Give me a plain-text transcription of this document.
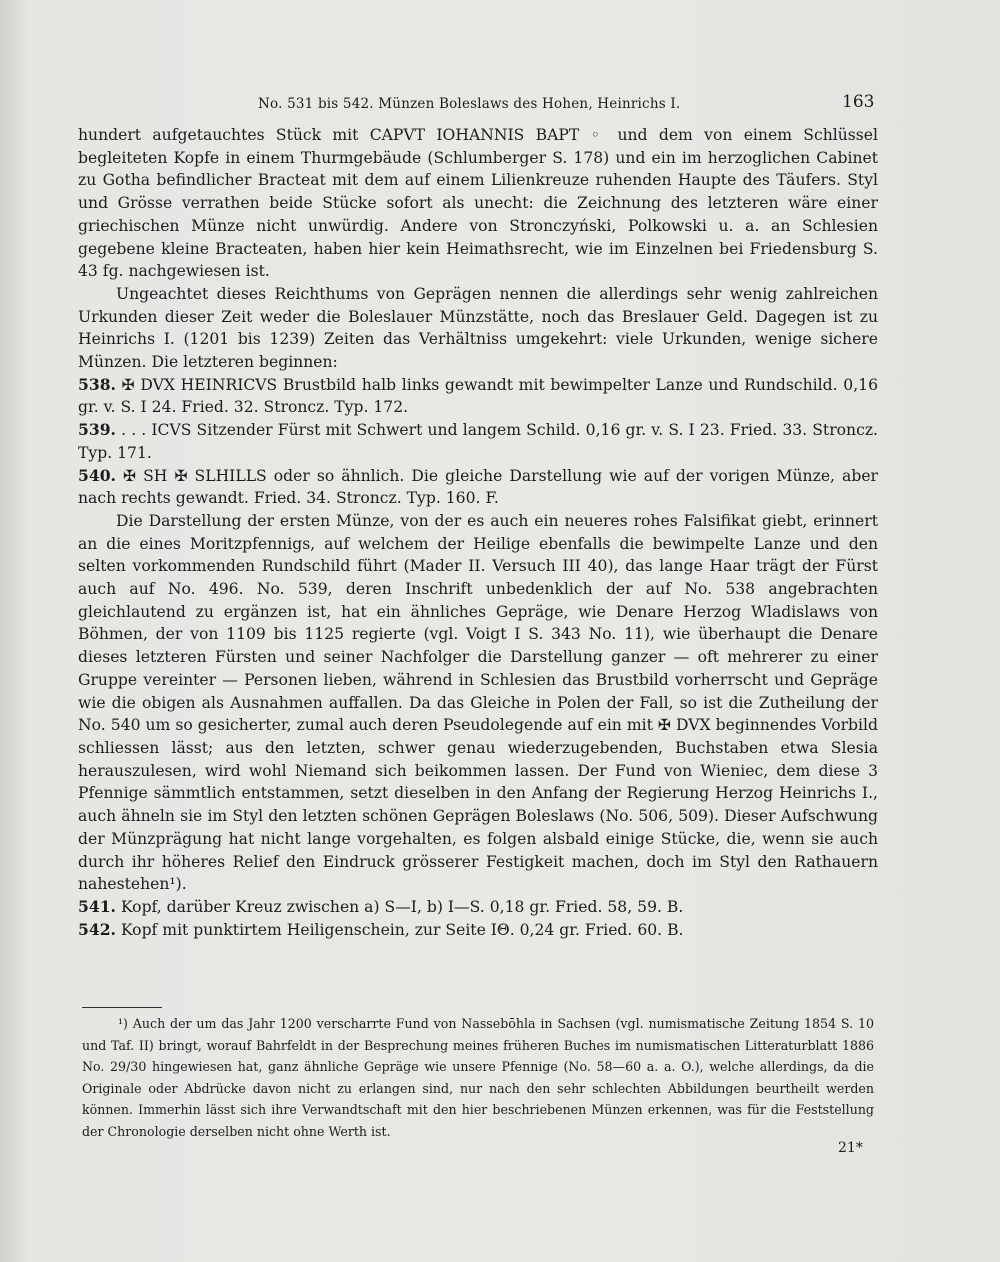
No. 531 bis 542. Münzen Boleslaws des Hohen, Heinrichs I.	163

hundert aufgetauchtes Stück mit CAPVT IOHANNIS BAPT ◦ und dem von einem Schlüssel begleiteten Kopfe in einem Thurmgebäude (Schlumberger S. 178) und ein im herzoglichen Cabinet zu Gotha befindlicher Bracteat mit dem auf einem Lilienkreuze ruhenden Haupte des Täufers. Styl und Grösse verrathen beide Stücke sofort als unecht: die Zeichnung des letzteren wäre einer griechischen Münze nicht unwürdig. Andere von Stronczyński, Polkowski u. a. an Schlesien gegebene kleine Bracteaten, haben hier kein Heimathsrecht, wie im Einzelnen bei Friedensburg S. 43 fg. nachgewiesen ist.

Ungeachtet dieses Reichthums von Geprägen nennen die allerdings sehr wenig zahlreichen Urkunden dieser Zeit weder die Boleslauer Münzstätte, noch das Breslauer Geld. Dagegen ist zu Heinrichs I. (1201 bis 1239) Zeiten das Verhältniss umgekehrt: viele Urkunden, wenige sichere Münzen. Die letzteren beginnen:

538. ✠ DVX HEINRICVS Brustbild halb links gewandt mit bewimpelter Lanze und Rundschild. 0,16 gr. v. S. I 24. Fried. 32. Stroncz. Typ. 172.

539. . . . ICVS Sitzender Fürst mit Schwert und langem Schild. 0,16 gr. v. S. I 23. Fried. 33. Stroncz. Typ. 171.

540. ✠ SH ✠ SLHILLS oder so ähnlich. Die gleiche Darstellung wie auf der vorigen Münze, aber nach rechts gewandt. Fried. 34. Stroncz. Typ. 160. F.

Die Darstellung der ersten Münze, von der es auch ein neueres rohes Falsifikat giebt, erinnert an die eines Moritzpfennigs, auf welchem der Heilige ebenfalls die bewimpelte Lanze und den selten vorkommenden Rundschild führt (Mader II. Versuch III 40), das lange Haar trägt der Fürst auch auf No. 496. No. 539, deren Inschrift unbedenklich der auf No. 538 angebrachten gleichlautend zu ergänzen ist, hat ein ähnliches Gepräge, wie Denare Herzog Wladislaws von Böhmen, der von 1109 bis 1125 regierte (vgl. Voigt I S. 343 No. 11), wie überhaupt die Denare dieses letzteren Fürsten und seiner Nachfolger die Darstellung ganzer — oft mehrerer zu einer Gruppe vereinter — Personen lieben, während in Schlesien das Brustbild vorherrscht und Gepräge wie die obigen als Ausnahmen auffallen. Da das Gleiche in Polen der Fall, so ist die Zutheilung der No. 540 um so gesicherter, zumal auch deren Pseudolegende auf ein mit ✠ DVX beginnendes Vorbild schliessen lässt; aus den letzten, schwer genau wiederzugebenden, Buchstaben etwa Slesia herauszulesen, wird wohl Niemand sich beikommen lassen. Der Fund von Wieniec, dem diese 3 Pfennige sämmtlich entstammen, setzt dieselben in den Anfang der Regierung Herzog Heinrichs I., auch ähneln sie im Styl den letzten schönen Geprägen Boleslaws (No. 506, 509). Dieser Aufschwung der Münzprägung hat nicht lange vorgehalten, es folgen alsbald einige Stücke, die, wenn sie auch durch ihr höheres Relief den Eindruck grösserer Festigkeit machen, doch im Styl den Rathauern nahestehen¹).

541. Kopf, darüber Kreuz zwischen a) S—I, b) I—S. 0,18 gr. Fried. 58, 59. B.

542. Kopf mit punktirtem Heiligenschein, zur Seite IΘ. 0,24 gr. Fried. 60. B.

¹) Auch der um das Jahr 1200 verscharrte Fund von Nassebōhla in Sachsen (vgl. numismatische Zeitung 1854 S. 10 und Taf. II) bringt, worauf Bahrfeldt in der Besprechung meines früheren Buches im numismatischen Litteraturblatt 1886 No. 29/30 hingewiesen hat, ganz ähnliche Gepräge wie unsere Pfennige (No. 58—60 a. a. O.), welche allerdings, da die Originale oder Abdrücke davon nicht zu erlangen sind, nur nach den sehr schlechten Abbildungen beurtheilt werden können. Immerhin lässt sich ihre Verwandtschaft mit den hier beschriebenen Münzen erkennen, was für die Feststellung der Chronologie derselben nicht ohne Werth ist.

21*
